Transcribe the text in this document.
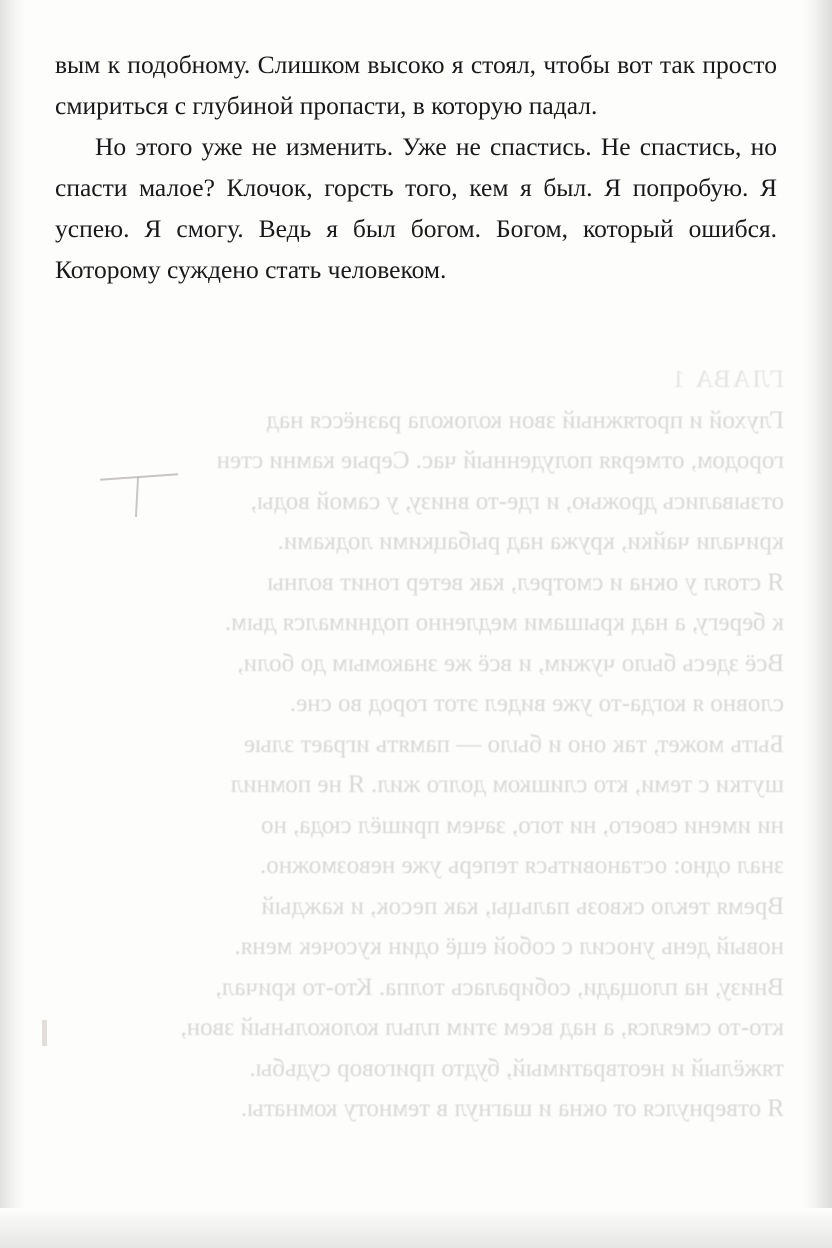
ГЛАВА 1

Глухой и протяжный звон колокола разнёсся над

городом, отмеряя полуденный час. Серые камни стен

отзывались дрожью, и где-то внизу, у самой воды,

кричали чайки, кружа над рыбацкими лодками.

Я стоял у окна и смотрел, как ветер гонит волны

к берегу, а над крышами медленно поднимался дым.

Всё здесь было чужим, и всё же знакомым до боли,

словно я когда-то уже видел этот город во сне.

Быть может, так оно и было — память играет злые

шутки с теми, кто слишком долго жил. Я не помнил

ни имени своего, ни того, зачем пришёл сюда, но

знал одно: остановиться теперь уже невозможно.

Время текло сквозь пальцы, как песок, и каждый

новый день уносил с собой ещё один кусочек меня.

Внизу, на площади, собиралась толпа. Кто-то кричал,

кто-то смеялся, а над всем этим плыл колокольный звон,

тяжёлый и неотвратимый, будто приговор судьбы.

Я отвернулся от окна и шагнул в темноту комнаты.

вым к подобному. Слишком высоко я стоял, чтобы вот так просто смириться с глубиной пропасти, в которую падал.

Но этого уже не изменить. Уже не спастись. Не спастись, но спасти малое? Клочок, горсть того, кем я был. Я попробую. Я успею. Я смогу. Ведь я был богом. Богом, который ошибся. Которому суждено стать человеком.
